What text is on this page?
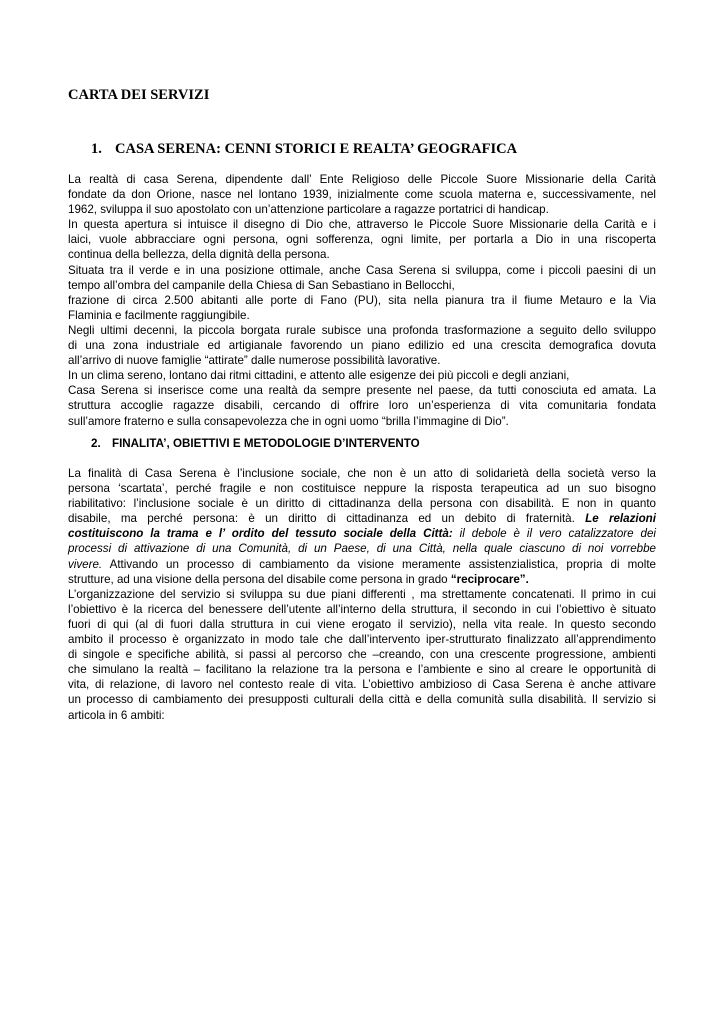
CARTA DEI SERVIZI
1. CASA SERENA: CENNI STORICI E REALTA’ GEOGRAFICA

La realtà di casa Serena, dipendente dall’ Ente Religioso delle Piccole Suore Missionarie della Carità

fondate da don Orione, nasce nel lontano 1939, inizialmente come scuola materna e, successivamente, nel

1962, sviluppa il suo apostolato con un’attenzione particolare a ragazze portatrici di handicap.

In questa apertura si intuisce il disegno di Dio che, attraverso le Piccole Suore Missionarie della Carità e i

laici, vuole abbracciare ogni persona, ogni sofferenza, ogni limite, per portarla a Dio in una riscoperta

continua della bellezza, della dignità della persona.

Situata tra il verde e in una posizione ottimale, anche Casa Serena si sviluppa, come i piccoli paesini di un

tempo all’ombra del campanile della Chiesa di San Sebastiano in Bellocchi,

frazione di circa 2.500 abitanti alle porte di Fano (PU), sita nella pianura tra il fiume Metauro e la Via

Flaminia e facilmente raggiungibile.

Negli ultimi decenni, la piccola borgata rurale subisce una profonda trasformazione a seguito dello sviluppo

di una zona industriale ed artigianale favorendo un piano edilizio ed una crescita demografica dovuta

all’arrivo di nuove famiglie “attirate” dalle numerose possibilità lavorative.

In un clima sereno, lontano dai ritmi cittadini, e attento alle esigenze dei più piccoli e degli anziani,

Casa Serena si inserisce come una realtà da sempre presente nel paese, da tutti conosciuta ed amata. La

struttura accoglie ragazze disabili, cercando di offrire loro un’esperienza di vita comunitaria fondata

sull’amore fraterno e sulla consapevolezza che in ogni uomo “brilla l’immagine di Dio”.

2. FINALITA’, OBIETTIVI E METODOLOGIE D’INTERVENTO

La finalità di Casa Serena è l’inclusione sociale, che non è un atto di solidarietà della società verso la

persona ‘scartata’, perché fragile e non costituisce neppure la risposta terapeutica ad un suo bisogno

riabilitativo: l’inclusione sociale è un diritto di cittadinanza della persona con disabilità. E non in quanto

disabile, ma perché persona: è un diritto di cittadinanza ed un debito di fraternità. Le relazioni

costituiscono la trama e l’ ordito del tessuto sociale della Città: il debole è il vero catalizzatore dei

processi di attivazione di una Comunità, di un Paese, di una Città, nella quale ciascuno di noi vorrebbe

vivere. Attivando un processo di cambiamento da visione meramente assistenzialistica, propria di molte

strutture, ad una visione della persona del disabile come persona in grado “reciprocare”.

L’organizzazione del servizio si sviluppa su due piani differenti , ma strettamente concatenati. Il primo in cui

l’obiettivo è la ricerca del benessere dell’utente all’interno della struttura, il secondo in cui l’obiettivo è situato

fuori di qui (al di fuori dalla struttura in cui viene erogato il servizio), nella vita reale. In questo secondo

ambito il processo è organizzato in modo tale che dall’intervento iper-strutturato finalizzato all’apprendimento

di singole e specifiche abilità, si passi al percorso che –creando, con una crescente progressione, ambienti

che simulano la realtà – facilitano la relazione tra la persona e l’ambiente e sino al creare le opportunità di

vita, di relazione, di lavoro nel contesto reale di vita. L’obiettivo ambizioso di Casa Serena è anche attivare

un processo di cambiamento dei presupposti culturali della città e della comunità sulla disabilità. Il servizio si

articola in 6 ambiti:
